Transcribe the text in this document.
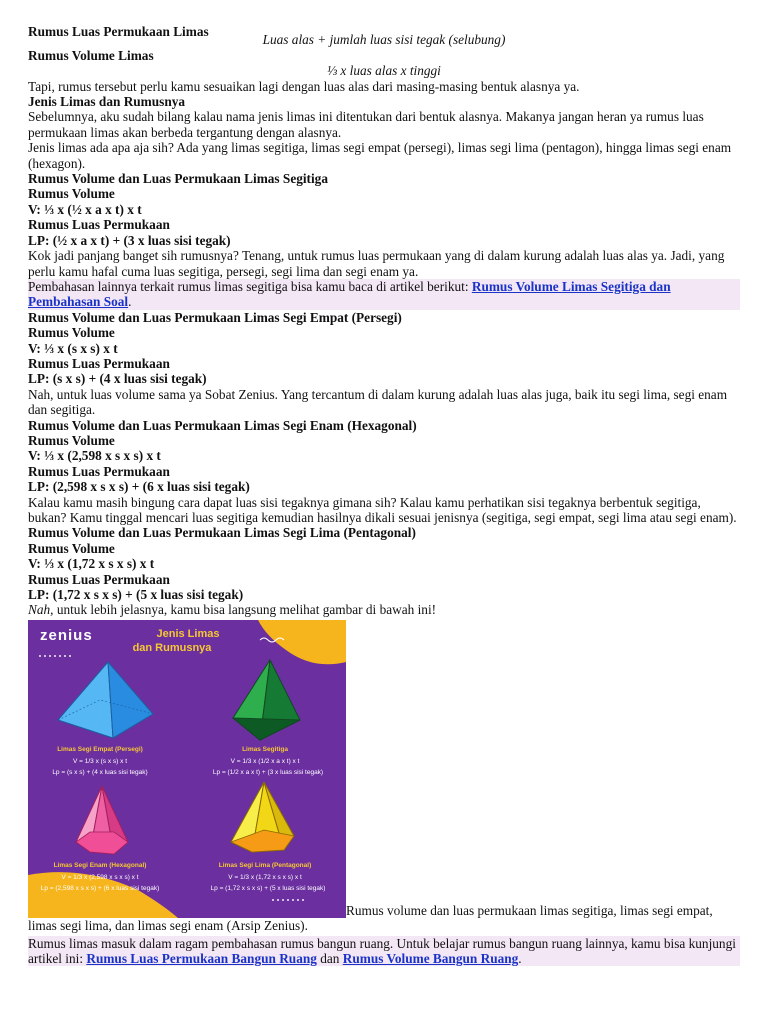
Rumus Luas Permukaan Limas
Luas alas + jumlah luas sisi tegak (selubung)
Rumus Volume Limas
⅓ x luas alas x tinggi
Tapi, rumus tersebut perlu kamu sesuaikan lagi dengan luas alas dari masing-masing bentuk alasnya ya.
Jenis Limas dan Rumusnya
Sebelumnya, aku sudah bilang kalau nama jenis limas ini ditentukan dari bentuk alasnya. Makanya jangan heran ya rumus luas permukaan limas akan berbeda tergantung dengan alasnya.
Jenis limas ada apa aja sih? Ada yang limas segitiga, limas segi empat (persegi), limas segi lima (pentagon), hingga limas segi enam (hexagon).
Rumus Volume dan Luas Permukaan Limas Segitiga
Rumus Volume
V: ⅓ x (½ x a x t) x t
Rumus Luas Permukaan
LP: (½ x a x t) + (3 x luas sisi tegak)
Kok jadi panjang banget sih rumusnya? Tenang, untuk rumus luas permukaan yang di dalam kurung adalah luas alas ya. Jadi, yang perlu kamu hafal cuma luas segitiga, persegi, segi lima dan segi enam ya.
Pembahasan lainnya terkait rumus limas segitiga bisa kamu baca di artikel berikut: Rumus Volume Limas Segitiga dan Pembahasan Soal.
Rumus Volume dan Luas Permukaan Limas Segi Empat (Persegi)
Rumus Volume
V: ⅓ x (s x s) x t
Rumus Luas Permukaan
LP: (s x s) + (4 x luas sisi tegak)
Nah, untuk luas volume sama ya Sobat Zenius. Yang tercantum di dalam kurung adalah luas alas juga, baik itu segi lima, segi enam dan segitiga.
Rumus Volume dan Luas Permukaan Limas Segi Enam (Hexagonal)
Rumus Volume
V: ⅓ x (2,598 x s x s) x t
Rumus Luas Permukaan
LP: (2,598 x s x s) + (6 x luas sisi tegak)
Kalau kamu masih bingung cara dapat luas sisi tegaknya gimana sih? Kalau kamu perhatikan sisi tegaknya berbentuk segitiga, bukan? Kamu tinggal mencari luas segitiga kemudian hasilnya dikali sesuai jenisnya (segitiga, segi empat, segi lima atau segi enam).
Rumus Volume dan Luas Permukaan Limas Segi Lima (Pentagonal)
Rumus Volume
V: ⅓ x (1,72 x s x s) x t
Rumus Luas Permukaan
LP: (1,72 x s x s) + (5 x luas sisi tegak)
Nah, untuk lebih jelasnya, kamu bisa langsung melihat gambar di bawah ini!
zenius	Jenis Limas
dan Rumusnya
Limas Segi Empat (Persegi)
V = 1/3 x (s x s) x t
Lp = (s x s) + (4 x luas sisi tegak)
Limas Segitiga
V = 1/3 x (1/2 x a x t) x t
Lp = (1/2 x a x t) + (3 x luas sisi tegak)
Limas Segi Enam (Hexagonal)
V = 1/3 x (2,598 x s x s) x t
Lp = (2,598 x s x s) + (6 x luas sisi tegak)
Limas Segi Lima (Pentagonal)
V = 1/3 x (1,72 x s x s) x t
Lp = (1,72 x s x s) + (5 x luas sisi tegak)
Rumus volume dan luas permukaan limas segitiga, limas segi empat, limas segi lima, dan limas segi enam (Arsip Zenius).
Rumus limas masuk dalam ragam pembahasan rumus bangun ruang. Untuk belajar rumus bangun ruang lainnya, kamu bisa kunjungi artikel ini: Rumus Luas Permukaan Bangun Ruang dan Rumus Volume Bangun Ruang.
